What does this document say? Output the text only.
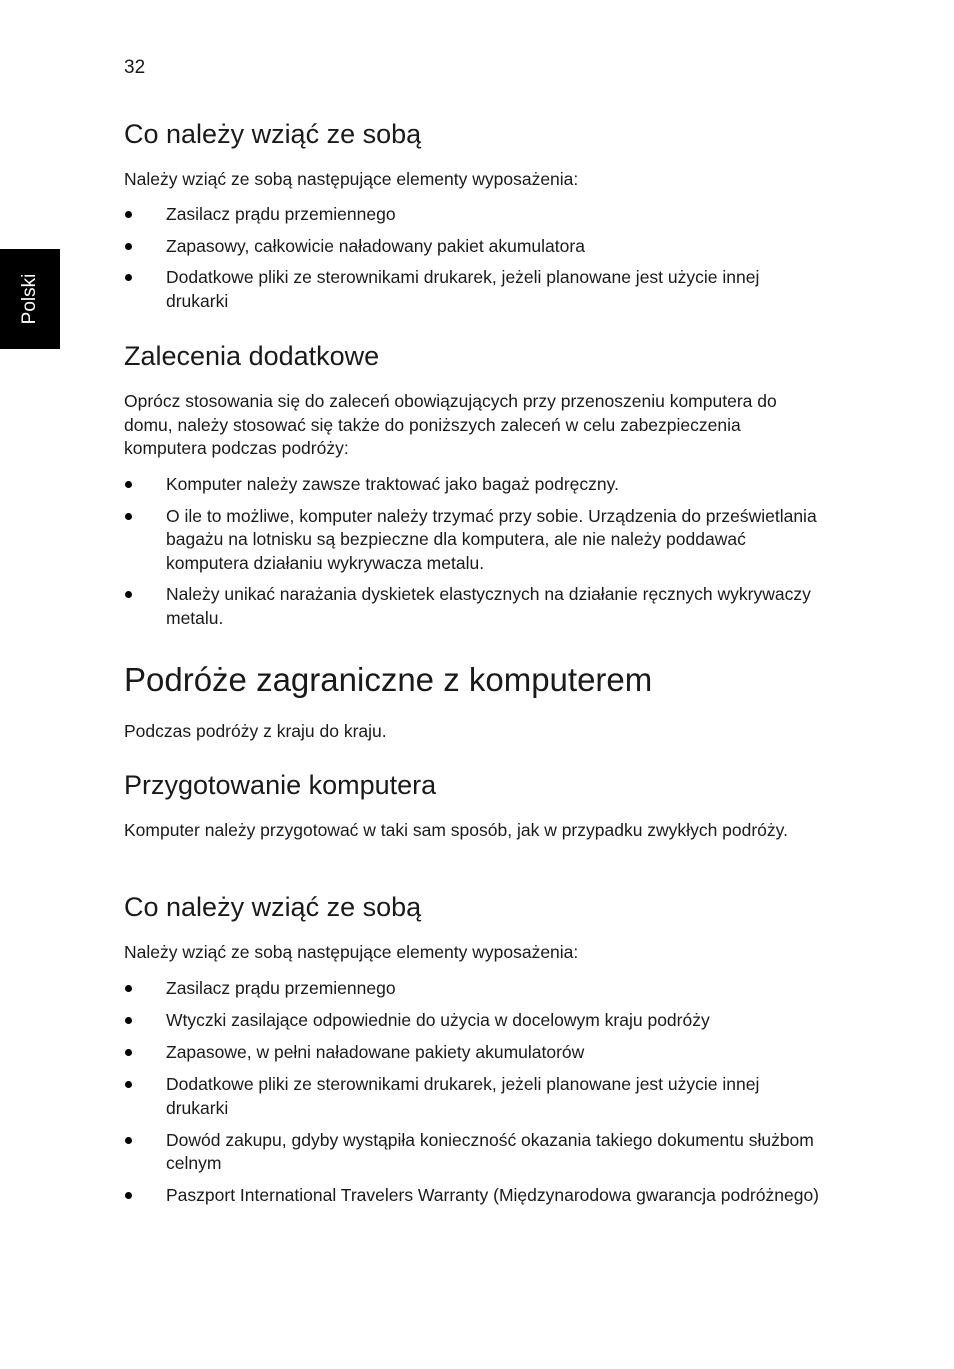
32
Polski
Co należy wziąć ze sobą

Należy wziąć ze sobą następujące elementy wyposażenia:

Zasilacz prądu przemiennego
Zapasowy, całkowicie naładowany pakiet akumulatora
Dodatkowe pliki ze sterownikami drukarek, jeżeli planowane jest użycie innej drukarki
Zalecenia dodatkowe

Oprócz stosowania się do zaleceń obowiązujących przy przenoszeniu komputera do domu, należy stosować się także do poniższych zaleceń w celu zabezpieczenia komputera podczas podróży:

Komputer należy zawsze traktować jako bagaż podręczny.
O ile to możliwe, komputer należy trzymać przy sobie. Urządzenia do prześwietlania bagażu na lotnisku są bezpieczne dla komputera, ale nie należy poddawać komputera działaniu wykrywacza metalu.
Należy unikać narażania dyskietek elastycznych na działanie ręcznych wykrywaczy metalu.
Podróże zagraniczne z komputerem

Podczas podróży z kraju do kraju.

Przygotowanie komputera

Komputer należy przygotować w taki sam sposób, jak w przypadku zwykłych podróży.

Co należy wziąć ze sobą

Należy wziąć ze sobą następujące elementy wyposażenia:

Zasilacz prądu przemiennego
Wtyczki zasilające odpowiednie do użycia w docelowym kraju podróży
Zapasowe, w pełni naładowane pakiety akumulatorów
Dodatkowe pliki ze sterownikami drukarek, jeżeli planowane jest użycie innej drukarki
Dowód zakupu, gdyby wystąpiła konieczność okazania takiego dokumentu służbom celnym
Paszport International Travelers Warranty (Międzynarodowa gwarancja podróżnego)
